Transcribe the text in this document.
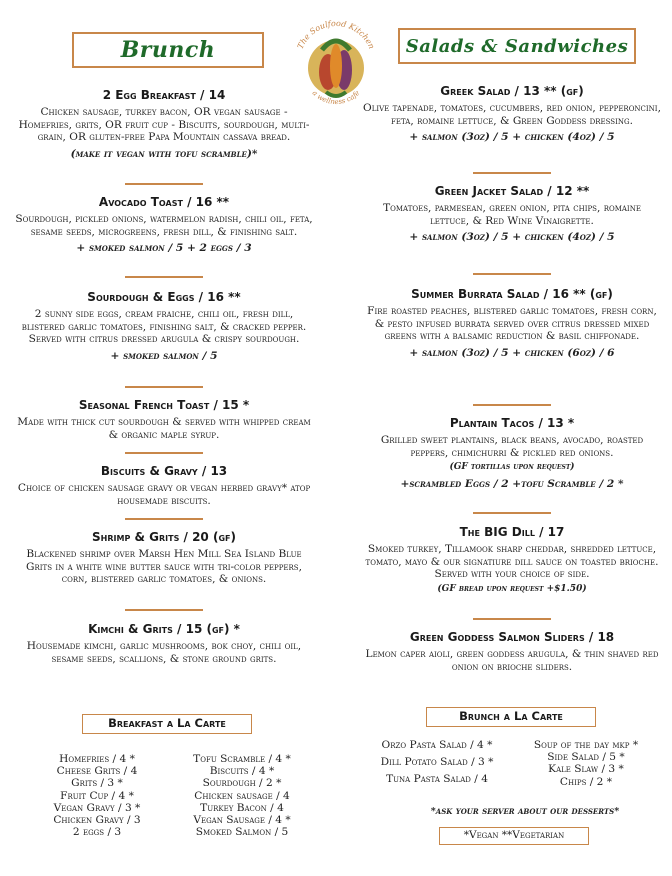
Brunch	Salads & Sandwiches
The Soulfood Kitchen
a wellness cafe
2 Egg Breakfast / 14

Chicken sausage, turkey bacon, OR vegan sausage - Homefries, grits, OR fruit cup - Biscuits, sourdough, multi-grain, OR gluten-free Papa Mountain cassava bread.

(make it vegan with tofu scramble)*

Avocado Toast / 16 **

Sourdough, pickled onions, watermelon radish, chili oil, feta, sesame seeds, microgreens, fresh dill, & finishing salt.

+ smoked salmon / 5 + 2 eggs / 3

Sourdough & Eggs / 16 **

2 sunny side eggs, cream fraiche, chili oil, fresh dill, blistered garlic tomatoes, finishing salt, & cracked pepper. Served with citrus dressed arugula & crispy sourdough.

+ smoked salmon / 5

Seasonal French Toast / 15 *

Made with thick cut sourdough & served with whipped cream & organic maple syrup.

Biscuits & Gravy / 13

Choice of chicken sausage gravy or vegan herbed gravy* atop housemade biscuits.

Shrimp & Grits / 20 (gf)

Blackened shrimp over Marsh Hen Mill Sea Island Blue Grits in a white wine butter sauce with tri-color peppers, corn, blistered garlic tomatoes, & onions.

Kimchi & Grits / 15 (gf) *

Housemade kimchi, garlic mushrooms, bok choy, chili oil, sesame seeds, scallions, & stone ground grits.

Breakfast a La Carte
Homefries / 4 *
Cheese Grits / 4
Grits / 3 *
Fruit Cup / 4 *
Vegan Gravy / 3 *
Chicken Gravy / 3
2 eggs / 3
Tofu Scramble / 4 *
Biscuits / 4 *
Sourdough / 2 *
Chicken sausage / 4
Turkey Bacon / 4
Vegan Sausage / 4 *
Smoked Salmon / 5
Greek Salad / 13 ** (gf)

Olive tapenade, tomatoes, cucumbers, red onion, pepperoncini, feta, romaine lettuce, & Green Goddess dressing.

+ salmon (3oz) / 5 + chicken (4oz) / 5

Green Jacket Salad / 12 **

Tomatoes, parmesean, green onion, pita chips, romaine lettuce, & Red Wine Vinaigrette.

+ salmon (3oz) / 5 + chicken (4oz) / 5

Summer Burrata Salad / 16 ** (gf)

Fire roasted peaches, blistered garlic tomatoes, fresh corn, & pesto infused burrata served over citrus dressed mixed greens with a balsamic reduction & basil chiffonade.

+ salmon (3oz) / 5 + chicken (6oz) / 6

Plantain Tacos / 13 *

Grilled sweet plantains, black beans, avocado, roasted peppers, chimichurri & pickled red onions.

(GF tortillas upon request)

+scrambled Eggs / 2 +tofu Scramble / 2 *

The BIG Dill / 17

Smoked turkey, Tillamook sharp cheddar, shredded lettuce, tomato, mayo & our signatiure dill sauce on toasted brioche. Served with your choice of side.

(GF bread upon request +$1.50)

Green Goddess Salmon Sliders / 18

Lemon caper aioli, green goddess arugula, & thin shaved red onion on brioche sliders.

Brunch a La Carte
Orzo Pasta Salad / 4 *
Dill Potato Salad / 3 *
Tuna Pasta Salad / 4
Soup of the day mkp *
Side Salad / 5 *
Kale Slaw / 3 *
Chips / 2 *
*ask your server about our desserts*
*Vegan **Vegetarian
